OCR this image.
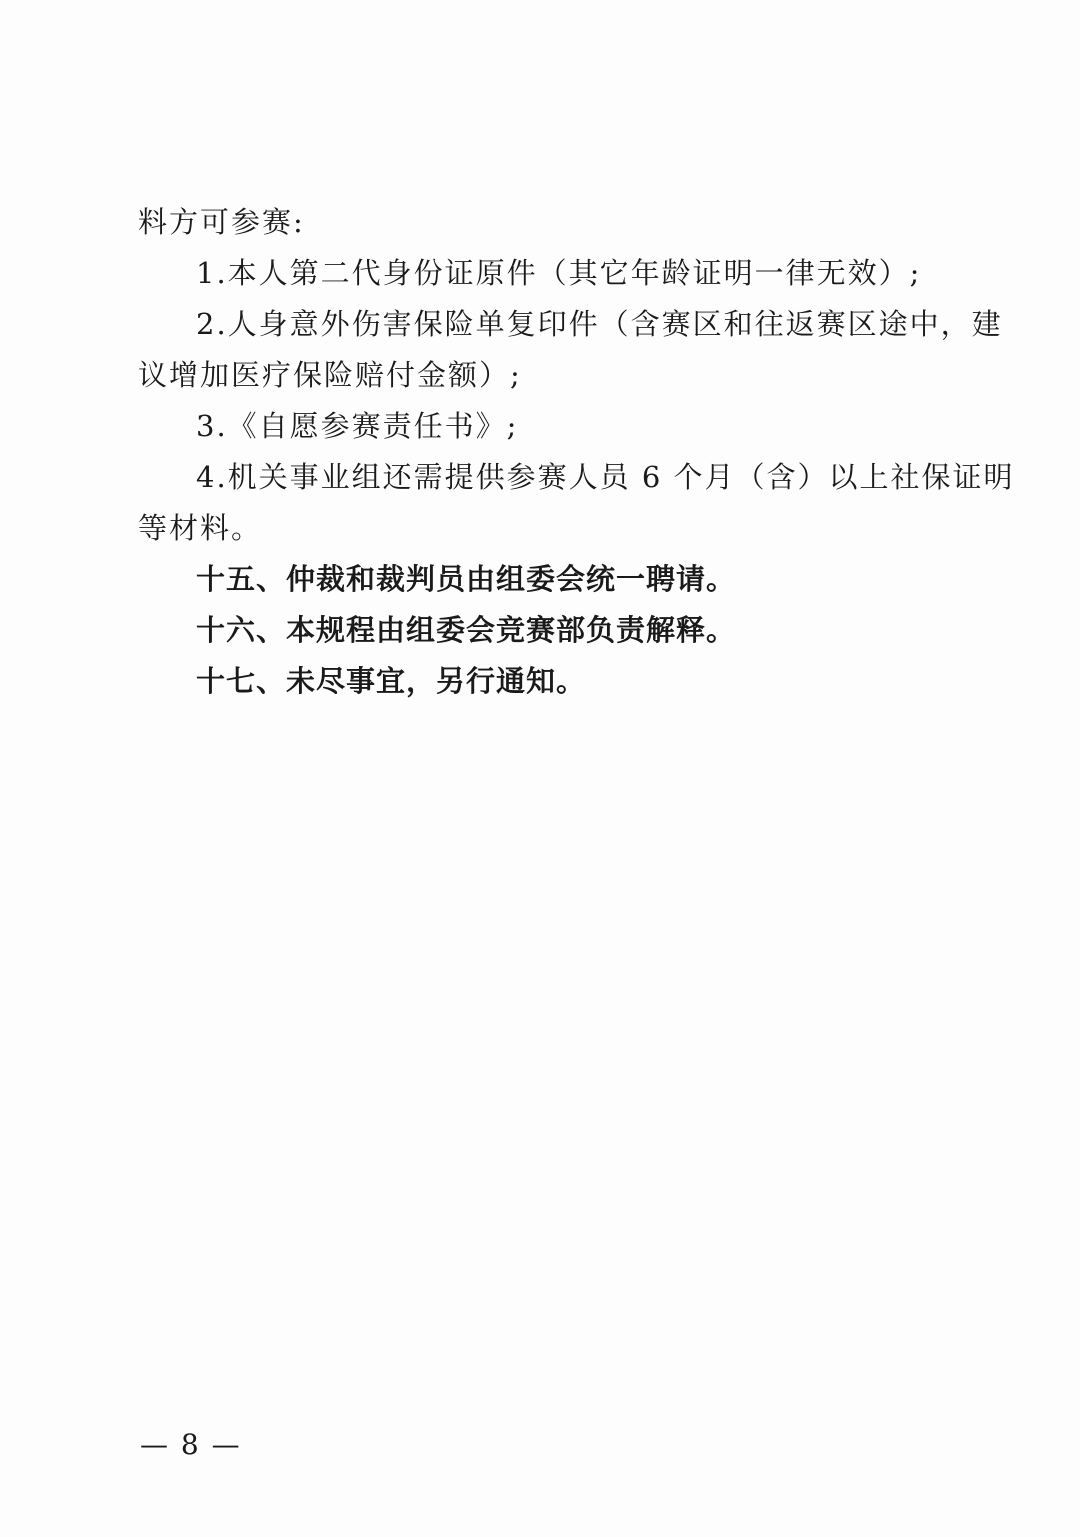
料方可参赛:
1.本人第二代身份证原件（其它年龄证明一律无效）;
2.人身意外伤害保险单复印件（含赛区和往返赛区途中，建
议增加医疗保险赔付金额）;
3.《自愿参赛责任书》;
4.机关事业组还需提供参赛人员 6 个月（含）以上社保证明
等材料。
十五、仲裁和裁判员由组委会统一聘请。
十六、本规程由组委会竞赛部负责解释。
十七、未尽事宜，另行通知。
— 8 —
